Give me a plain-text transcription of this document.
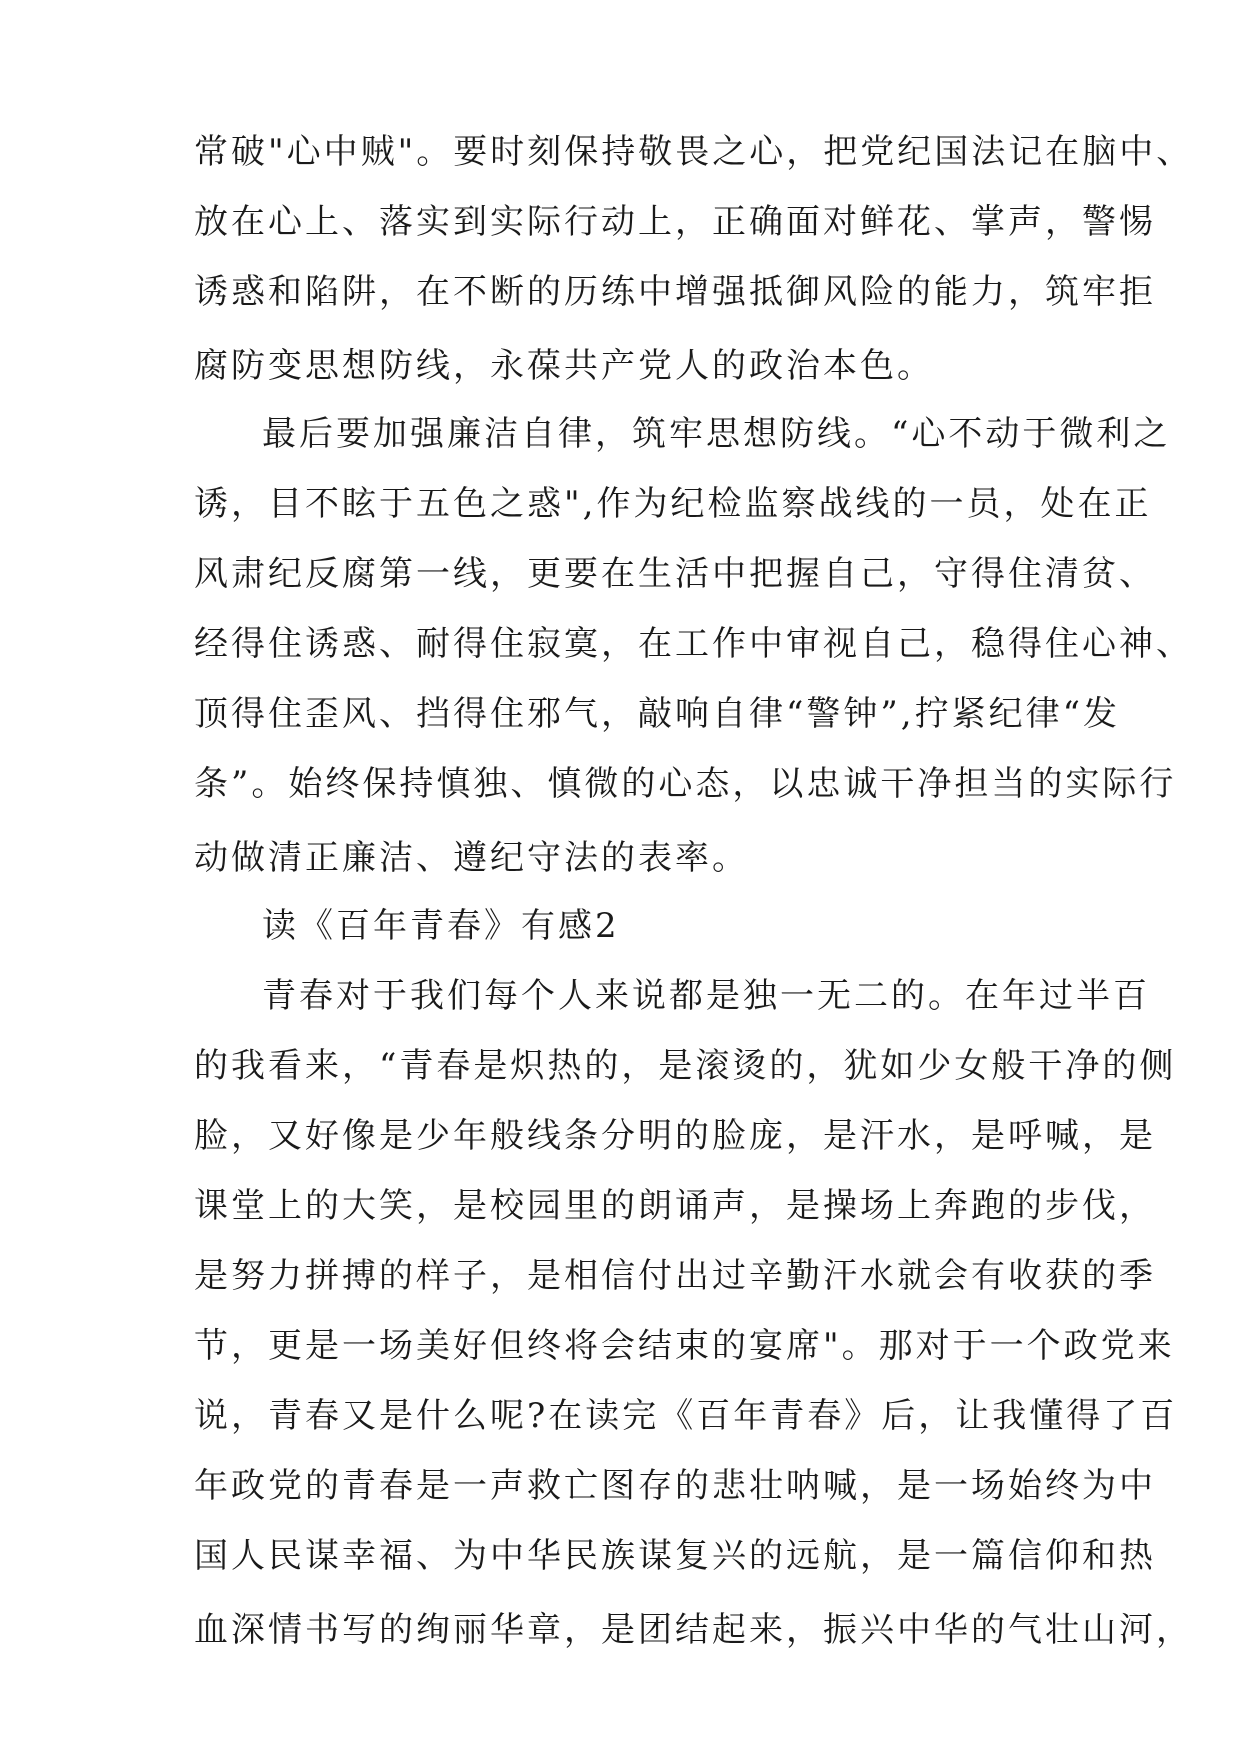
常破"心中贼"。要时刻保持敬畏之心，把党纪国法记在脑中、
放在心上、落实到实际行动上，正确面对鲜花、掌声，警惕
诱惑和陷阱，在不断的历练中增强抵御风险的能力，筑牢拒
腐防变思想防线，永葆共产党人的政治本色。
最后要加强廉洁自律，筑牢思想防线。“心不动于微利之
诱，目不眩于五色之惑",作为纪检监察战线的一员，处在正
风肃纪反腐第一线，更要在生活中把握自己，守得住清贫、
经得住诱惑、耐得住寂寞，在工作中审视自己，稳得住心神、
顶得住歪风、挡得住邪气，敲响自律“警钟”,拧紧纪律“发
条”。始终保持慎独、慎微的心态，以忠诚干净担当的实际行
动做清正廉洁、遵纪守法的表率。
读《百年青春》有感2
青春对于我们每个人来说都是独一无二的。在年过半百
的我看来，“青春是炽热的，是滚烫的，犹如少女般干净的侧
脸，又好像是少年般线条分明的脸庞，是汗水，是呼喊，是
课堂上的大笑，是校园里的朗诵声，是操场上奔跑的步伐，
是努力拼搏的样子，是相信付出过辛勤汗水就会有收获的季
节，更是一场美好但终将会结束的宴席"。那对于一个政党来
说，青春又是什么呢?在读完《百年青春》后，让我懂得了百
年政党的青春是一声救亡图存的悲壮呐喊，是一场始终为中
国人民谋幸福、为中华民族谋复兴的远航，是一篇信仰和热
血深情书写的绚丽华章，是团结起来，振兴中华的气壮山河，
